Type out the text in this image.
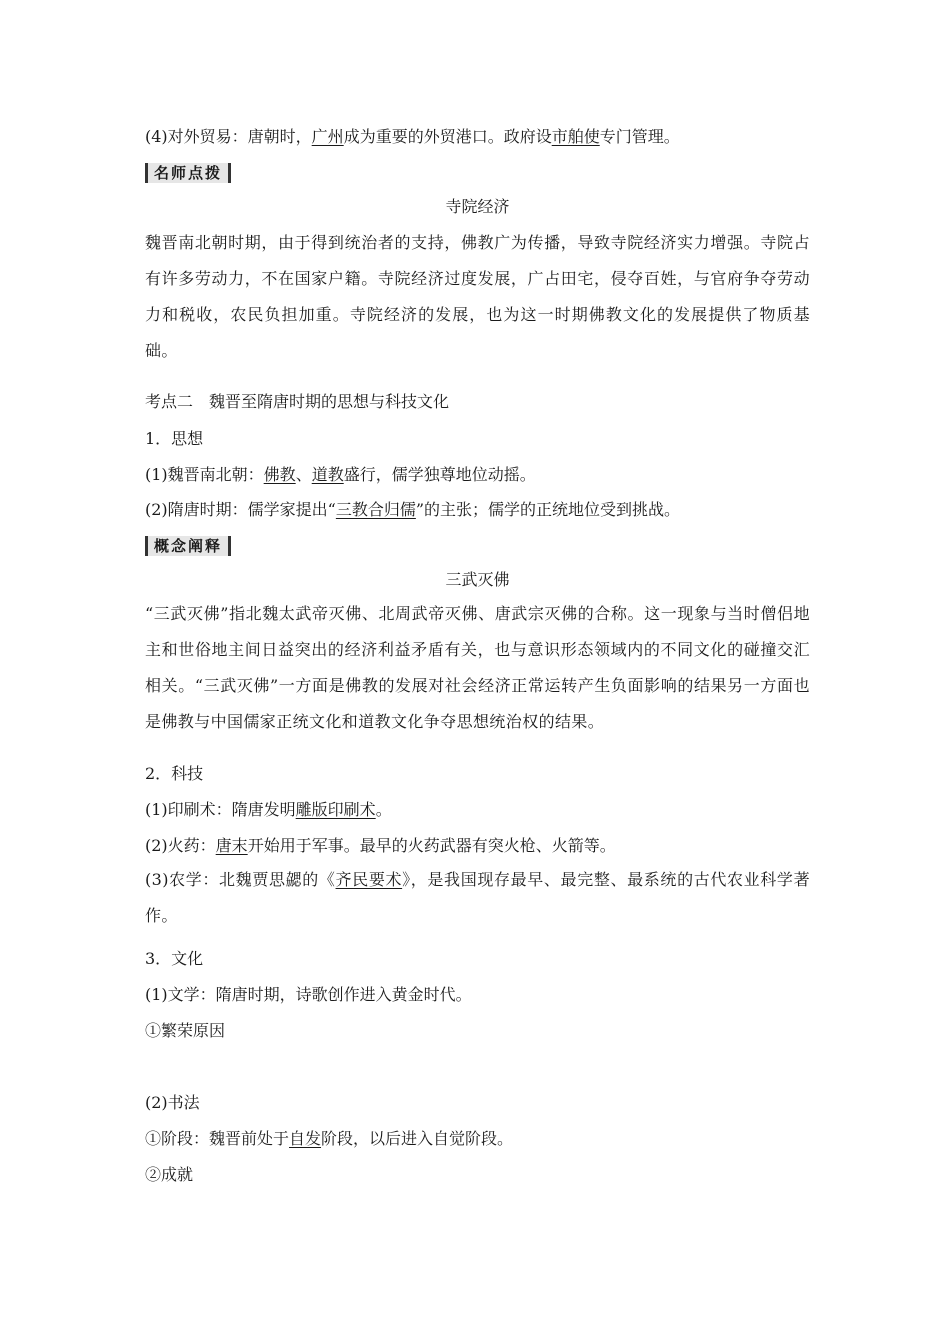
(4)对外贸易：唐朝时，广州成为重要的外贸港口。政府设市舶使专门管理。
名师点拨
寺院经济
魏晋南北朝时期，由于得到统治者的支持，佛教广为传播，导致寺院经济实力增强。寺院占有许多劳动力，不在国家户籍。寺院经济过度发展，广占田宅，侵夺百姓，与官府争夺劳动力和税收，农民负担加重。寺院经济的发展，也为这一时期佛教文化的发展提供了物质基础。
考点二　魏晋至隋唐时期的思想与科技文化
1．思想
(1)魏晋南北朝：佛教、道教盛行，儒学独尊地位动摇。
(2)隋唐时期：儒学家提出“三教合归儒”的主张；儒学的正统地位受到挑战。
概念阐释
三武灭佛
“三武灭佛”指北魏太武帝灭佛、北周武帝灭佛、唐武宗灭佛的合称。这一现象与当时僧侣地主和世俗地主间日益突出的经济利益矛盾有关，也与意识形态领域内的不同文化的碰撞交汇相关。“三武灭佛”一方面是佛教的发展对社会经济正常运转产生负面影响的结果另一方面也是佛教与中国儒家正统文化和道教文化争夺思想统治权的结果。
2．科技
(1)印刷术：隋唐发明雕版印刷术。
(2)火药：唐末开始用于军事。最早的火药武器有突火枪、火箭等。
(3)农学：北魏贾思勰的《齐民要术》，是我国现存最早、最完整、最系统的古代农业科学著作。
3．文化
(1)文学：隋唐时期，诗歌创作进入黄金时代。
①繁荣原因
(2)书法
①阶段：魏晋前处于自发阶段，以后进入自觉阶段。
②成就
